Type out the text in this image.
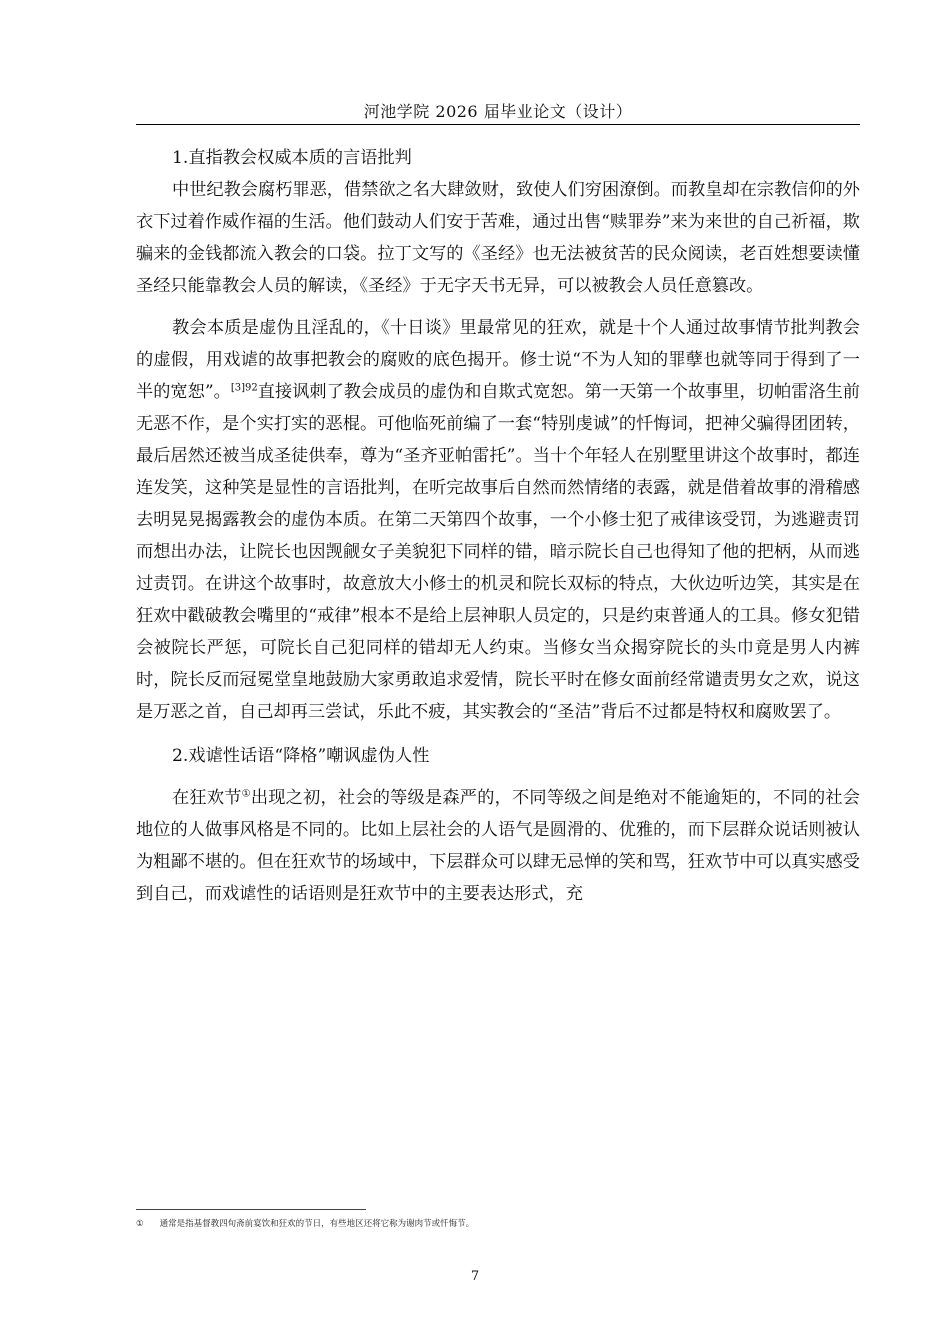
河池学院 2026 届毕业论文（设计）

1.直指教会权威本质的言语批判

中世纪教会腐朽罪恶，借禁欲之名大肆敛财，致使人们穷困潦倒。而教皇却在宗教信仰的外衣下过着作威作福的生活。他们鼓动人们安于苦难，通过出售“赎罪券”来为来世的自己祈福，欺骗来的金钱都流入教会的口袋。拉丁文写的《圣经》也无法被贫苦的民众阅读，老百姓想要读懂圣经只能靠教会人员的解读，《圣经》于无字天书无异，可以被教会人员任意篡改。

教会本质是虚伪且淫乱的，《十日谈》里最常见的狂欢，就是十个人通过故事情节批判教会的虚假，用戏谑的故事把教会的腐败的底色揭开。修士说“不为人知的罪孽也就等同于得到了一半的宽恕”。$^{[3]92}$直接讽刺了教会成员的虚伪和自欺式宽恕。第一天第一个故事里，切帕雷洛生前无恶不作，是个实打实的恶棍。可他临死前编了一套“特别虔诚”的忏悔词，把神父骗得团团转，最后居然还被当成圣徒供奉，尊为“圣齐亚帕雷托”。当十个年轻人在别墅里讲这个故事时，都连连发笑，这种笑是显性的言语批判，在听完故事后自然而然情绪的表露，就是借着故事的滑稽感去明晃晃揭露教会的虚伪本质。在第二天第四个故事，一个小修士犯了戒律该受罚，为逃避责罚而想出办法，让院长也因觊觎女子美貌犯下同样的错，暗示院长自己也得知了他的把柄，从而逃过责罚。在讲这个故事时，故意放大小修士的机灵和院长双标的特点，大伙边听边笑，其实是在狂欢中戳破教会嘴里的“戒律”根本不是给上层神职人员定的，只是约束普通人的工具。修女犯错会被院长严惩，可院长自己犯同样的错却无人约束。当修女当众揭穿院长的头巾竟是男人内裤时，院长反而冠冕堂皇地鼓励大家勇敢追求爱情，院长平时在修女面前经常谴责男女之欢，说这是万恶之首，自己却再三尝试，乐此不疲，其实教会的“圣洁”背后不过都是特权和腐败罢了。

2.戏谑性话语“降格”嘲讽虚伪人性

在狂欢节①出现之初，社会的等级是森严的，不同等级之间是绝对不能逾矩的，不同的社会地位的人做事风格是不同的。比如上层社会的人语气是圆滑的、优雅的，而下层群众说话则被认为粗鄙不堪的。但在狂欢节的场域中，下层群众可以肆无忌惮的笑和骂，狂欢节中可以真实感受到自己，而戏谑性的话语则是狂欢节中的主要表达形式，充

① 通常是指基督教四旬斋前宴饮和狂欢的节日，有些地区还将它称为谢肉节或忏悔节。
7
